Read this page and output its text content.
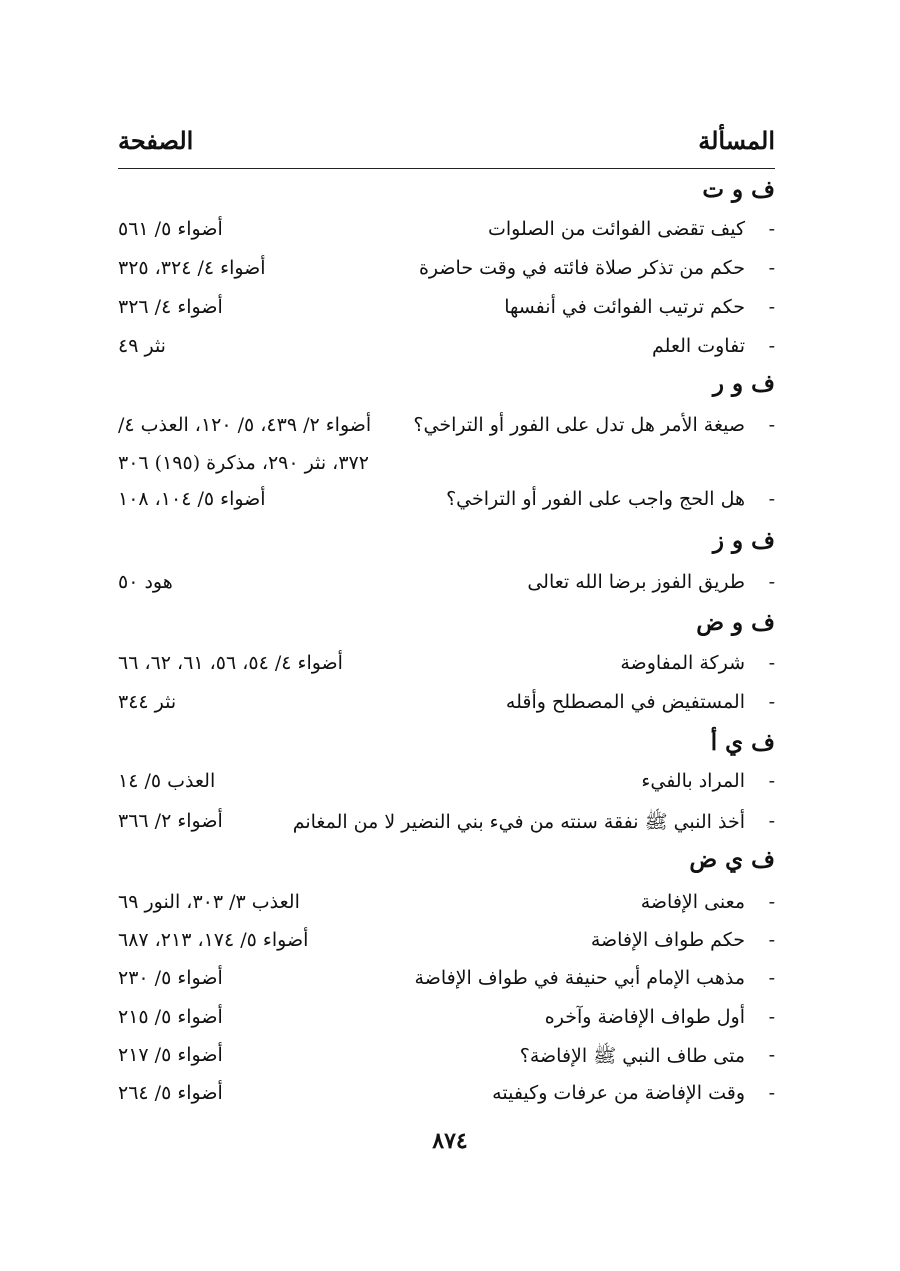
المسألة
الصفحة
ف و ت
-
كيف تقضى الفوائت من الصلوات
أضواء ٥/ ٥٦١
-
حكم من تذكر صلاة فائته في وقت حاضرة
أضواء ٤/ ٣٢٤، ٣٢٥
-
حكم ترتيب الفوائت في أنفسها
أضواء ٤/ ٣٢٦
-
تفاوت العلم
نثر ٤٩
ف و ر
-
صيغة الأمر هل تدل على الفور أو التراخي؟
أضواء ٢/ ٤٣٩، ٥/ ١٢٠، العذب ٤/
٣٧٢، نثر ٢٩٠، مذكرة (١٩٥) ٣٠٦
-
هل الحج واجب على الفور أو التراخي؟
أضواء ٥/ ١٠٤، ١٠٨
ف و ز
-
طريق الفوز برضا الله تعالى
هود ٥٠
ف و ض
-
شركة المفاوضة
أضواء ٤/ ٥٤، ٥٦، ٦١، ٦٢، ٦٦
-
المستفيض في المصطلح وأقله
نثر ٣٤٤
ف ي أ
-
المراد بالفيء
العذب ٥/ ١٤
-
أخذ النبي ﷺ نفقة سنته من فيء بني النضير لا من المغانم
أضواء ٢/ ٣٦٦
ف ي ض
-
معنى الإفاضة
العذب ٣/ ٣٠٣، النور ٦٩
-
حكم طواف الإفاضة
أضواء ٥/ ١٧٤، ٢١٣، ٦٨٧
-
مذهب الإمام أبي حنيفة في طواف الإفاضة
أضواء ٥/ ٢٣٠
-
أول طواف الإفاضة وآخره
أضواء ٥/ ٢١٥
-
متى طاف النبي ﷺ الإفاضة؟
أضواء ٥/ ٢١٧
-
وقت الإفاضة من عرفات وكيفيته
أضواء ٥/ ٢٦٤
٨٧٤
